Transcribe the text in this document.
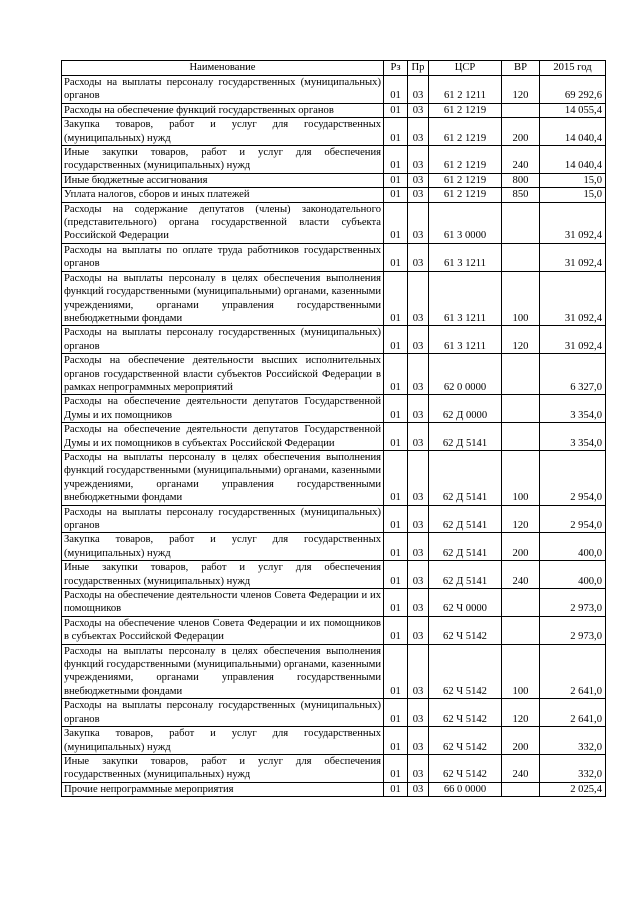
Наименование	Рз	Пр	ЦСР	ВР	2015 год
Расходы на выплаты персоналу государственных (муниципальных) органов	01	03	61 2 1211	120	69 292,6
Расходы на обеспечение функций государственных органов	01	03	61 2 1219		14 055,4
Закупка товаров, работ и услуг для государственных (муниципальных) нужд	01	03	61 2 1219	200	14 040,4
Иные закупки товаров, работ и услуг для обеспечения государственных (муниципальных) нужд	01	03	61 2 1219	240	14 040,4
Иные бюджетные ассигнования	01	03	61 2 1219	800	15,0
Уплата налогов, сборов и иных платежей	01	03	61 2 1219	850	15,0
Расходы на содержание депутатов (члены) законодательного (представительного) органа государственной власти субъекта Российской Федерации	01	03	61 3 0000		31 092,4
Расходы на выплаты по оплате труда работников государственных органов	01	03	61 3 1211		31 092,4
Расходы на выплаты персоналу в целях обеспечения выполнения функций государственными (муниципальными) органами, казенными учреждениями, органами управления государственными внебюджетными фондами	01	03	61 3 1211	100	31 092,4
Расходы на выплаты персоналу государственных (муниципальных) органов	01	03	61 3 1211	120	31 092,4
Расходы на обеспечение деятельности высших исполнительных органов государственной власти субъектов Российской Федерации в рамках непрограммных мероприятий	01	03	62 0 0000		6 327,0
Расходы на обеспечение деятельности депутатов Государственной Думы и их помощников	01	03	62 Д 0000		3 354,0
Расходы на обеспечение деятельности депутатов Государственной Думы и их помощников в субъектах Российской Федерации	01	03	62 Д 5141		3 354,0
Расходы на выплаты персоналу в целях обеспечения выполнения функций государственными (муниципальными) органами, казенными учреждениями, органами управления государственными внебюджетными фондами	01	03	62 Д 5141	100	2 954,0
Расходы на выплаты персоналу государственных (муниципальных) органов	01	03	62 Д 5141	120	2 954,0
Закупка товаров, работ и услуг для государственных (муниципальных) нужд	01	03	62 Д 5141	200	400,0
Иные закупки товаров, работ и услуг для обеспечения государственных (муниципальных) нужд	01	03	62 Д 5141	240	400,0
Расходы на обеспечение деятельности членов Совета Федерации и их помощников	01	03	62 Ч 0000		2 973,0
Расходы на обеспечение членов Совета Федерации и их помощников в субъектах Российской Федерации	01	03	62 Ч 5142		2 973,0
Расходы на выплаты персоналу в целях обеспечения выполнения функций государственными (муниципальными) органами, казенными учреждениями, органами управления государственными внебюджетными фондами	01	03	62 Ч 5142	100	2 641,0
Расходы на выплаты персоналу государственных (муниципальных) органов	01	03	62 Ч 5142	120	2 641,0
Закупка товаров, работ и услуг для государственных (муниципальных) нужд	01	03	62 Ч 5142	200	332,0
Иные закупки товаров, работ и услуг для обеспечения государственных (муниципальных) нужд	01	03	62 Ч 5142	240	332,0
Прочие непрограммные мероприятия	01	03	66 0 0000		2 025,4
